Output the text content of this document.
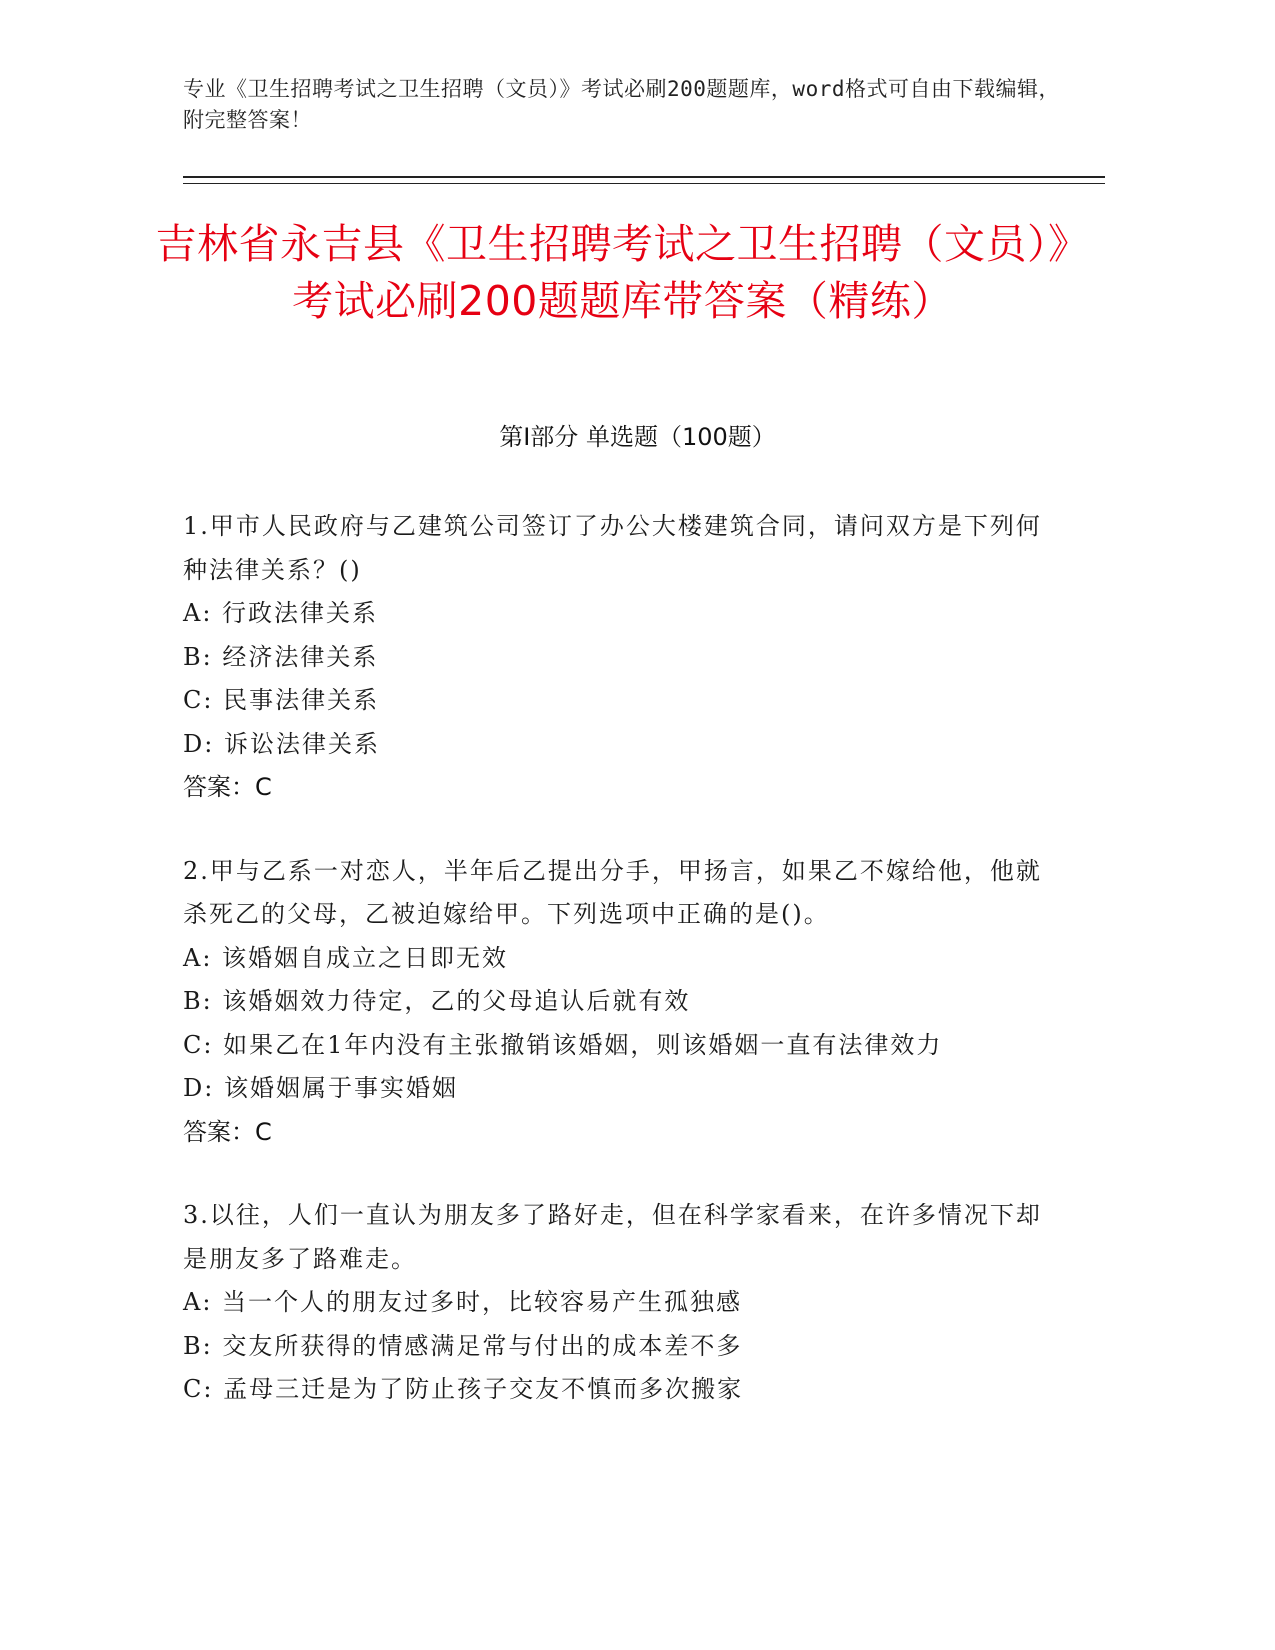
专业《卫生招聘考试之卫生招聘（文员）》考试必刷200题题库，word格式可自由下载编辑，附完整答案！
吉林省永吉县《卫生招聘考试之卫生招聘（文员）》考试必刷200题题库带答案（精练）
第Ⅰ部分 单选题（100题）
1.甲市人民政府与乙建筑公司签订了办公大楼建筑合同，请问双方是下列何种法律关系？()
A: 行政法律关系
B: 经济法律关系
C: 民事法律关系
D: 诉讼法律关系
答案：C
2.甲与乙系一对恋人，半年后乙提出分手，甲扬言，如果乙不嫁给他，他就杀死乙的父母，乙被迫嫁给甲。下列选项中正确的是()。
A: 该婚姻自成立之日即无效
B: 该婚姻效力待定，乙的父母追认后就有效
C: 如果乙在1年内没有主张撤销该婚姻，则该婚姻一直有法律效力
D: 该婚姻属于事实婚姻
答案：C
3.以往，人们一直认为朋友多了路好走，但在科学家看来，在许多情况下却是朋友多了路难走。
A: 当一个人的朋友过多时，比较容易产生孤独感
B: 交友所获得的情感满足常与付出的成本差不多
C: 孟母三迁是为了防止孩子交友不慎而多次搬家
